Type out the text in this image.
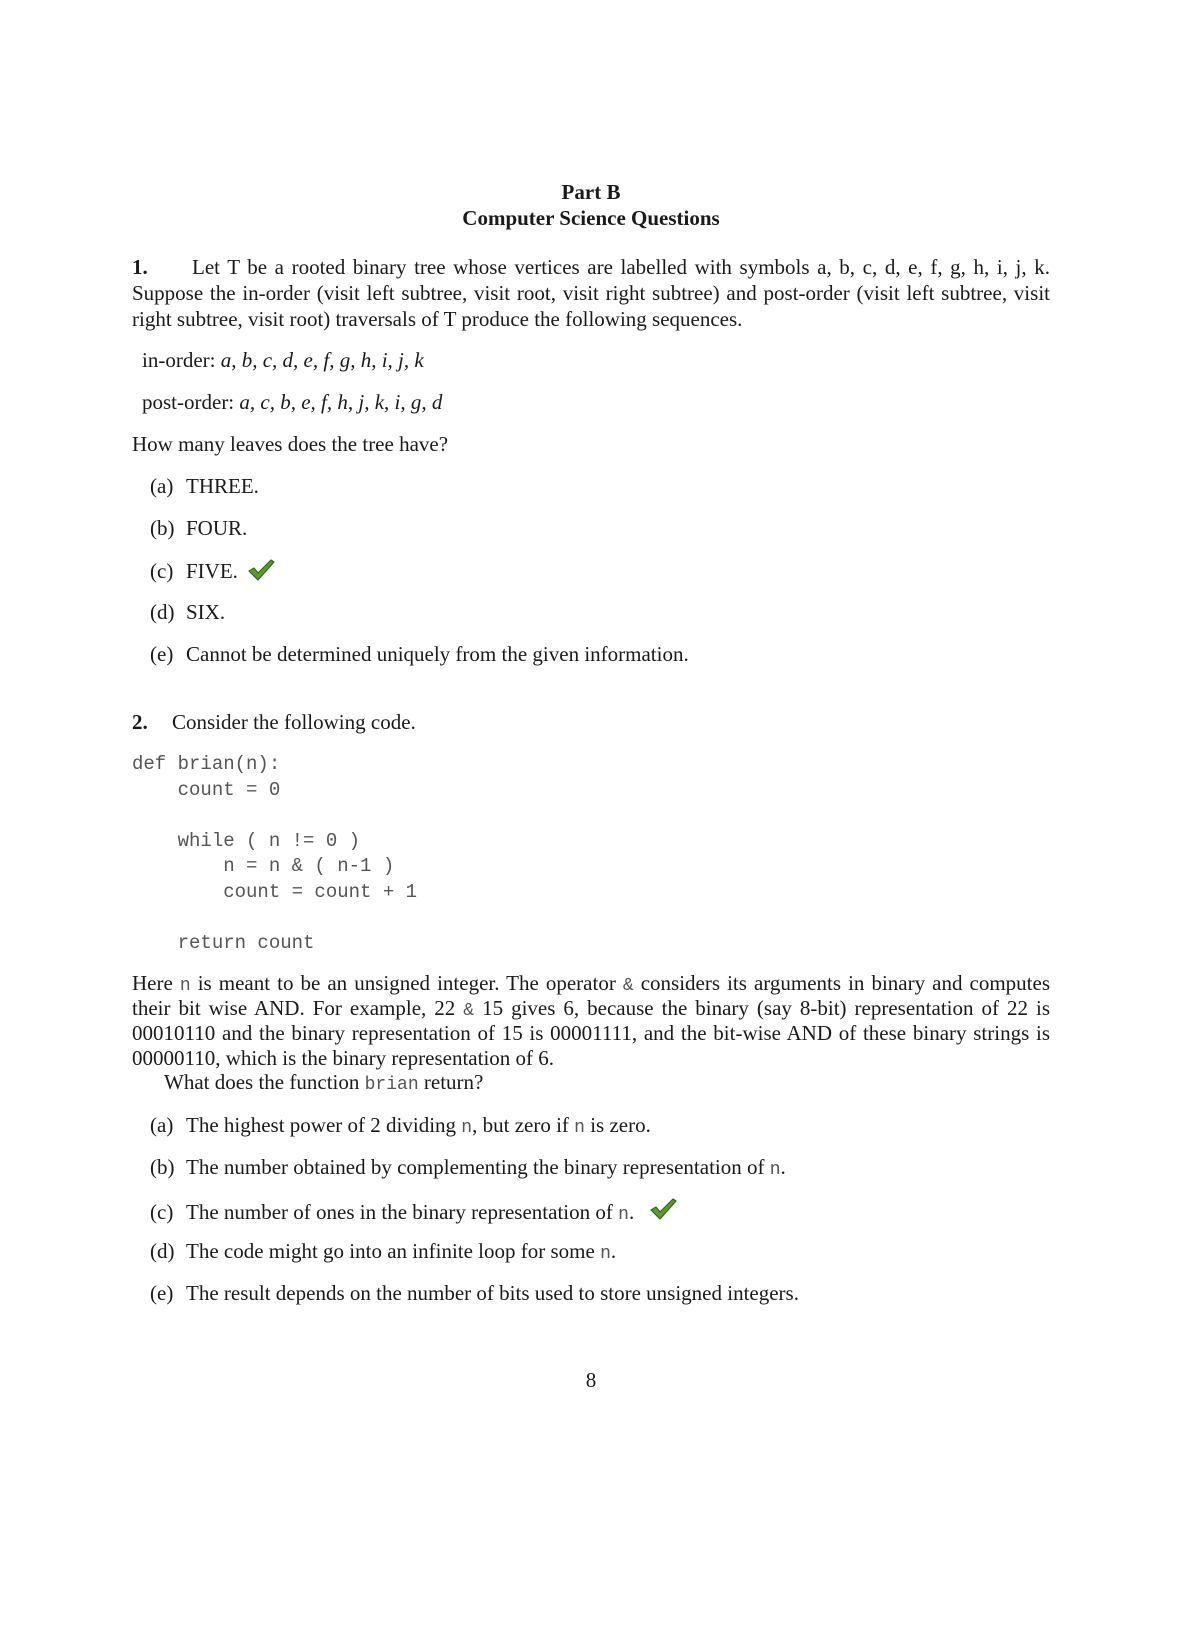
Part B
Computer Science Questions
1. Let T be a rooted binary tree whose vertices are labelled with symbols a, b, c, d, e, f, g, h, i, j, k.
Suppose the in-order (visit left subtree, visit root, visit right subtree) and post-order (visit left subtree, visit
right subtree, visit root) traversals of T produce the following sequences.
in-order: a, b, c, d, e, f, g, h, i, j, k
post-order: a, c, b, e, f, h, j, k, i, g, d
How many leaves does the tree have?
(a) THREE.
(b) FOUR.
(c) FIVE.
(d) SIX.
(e) Cannot be determined uniquely from the given information.
2. Consider the following code.
def brian(n):
count = 0

while ( n != 0 )
n = n & ( n-1 )
count = count + 1

return count
Here n is meant to be an unsigned integer. The operator & considers its arguments in binary and computes
their bit wise AND. For example, 22 & 15 gives 6, because the binary (say 8-bit) representation of 22 is
00010110 and the binary representation of 15 is 00001111, and the bit-wise AND of these binary strings is
00000110, which is the binary representation of 6.
What does the function brian return?
(a) The highest power of 2 dividing n, but zero if n is zero.
(b) The number obtained by complementing the binary representation of n.
(c) The number of ones in the binary representation of n.
(d) The code might go into an infinite loop for some n.
(e) The result depends on the number of bits used to store unsigned integers.
8
